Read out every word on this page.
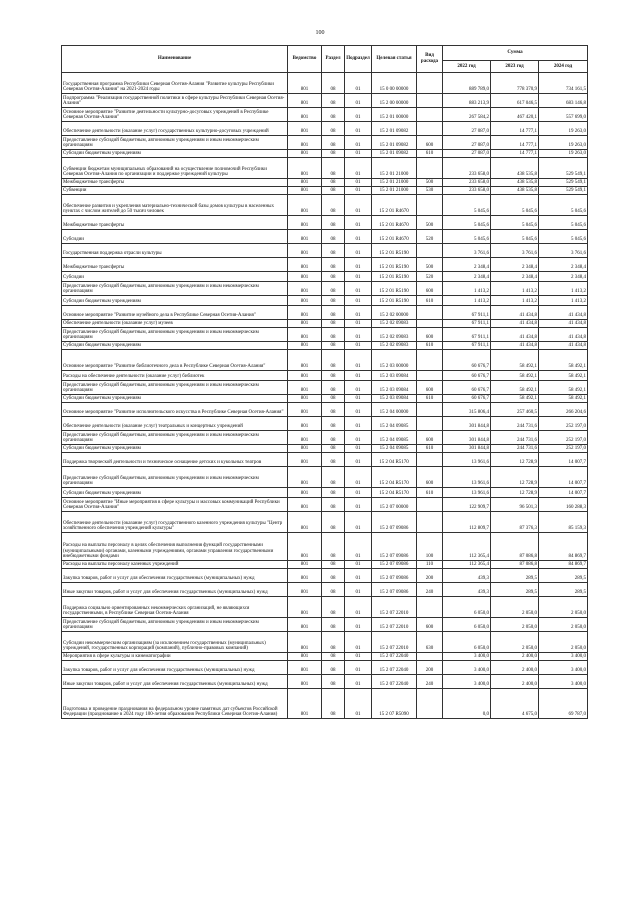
100
Наименование	Ведомство	Раздел	Подраздел	Целевая статья	Вид расхода	Сумма		
						2022 год	2023 год	2024 год
Государственная программа Республики Северная Осетия-Алания "Развитие культуры Республики Северная Осетия-Алания" на 2021-2024 годы	801	08	01	15 0 00 00000		889 789,0	778 370,9	734 161,5
Подпрограмма "Реализация государственной политики в сфере культуры Республики Северная Осетия-Алания"	801	08	01	15 2 00 00000		883 213,9	617 046,5	683 146,8
Основное мероприятие "Развитие деятельности культурно-досуговых учреждений в Республике Северная Осетия-Алания"	801	08	01	15 2 01 00000		267 584,2	467 420,1	557 699,0
Обеспечение деятельности (оказание услуг) государственных культурно-досуговых учреждений	801	08	01	15 2 01 09082		27 087,0	14 777,1	19 263,0
Предоставление субсидий бюджетным, автономным учреждениям и иным некоммерческим организациям	801	08	01	15 2 01 09082	600	27 087,0	14 777,1	19 263,0
Субсидии бюджетным учреждениям	801	08	01	15 2 01 09082	610	27 087,0	14 777,1	19 263,0
Субвенции бюджетам муниципальных образований на осуществление полномочий Республики Северная Осетия-Алания по организации и поддержке учреждений культуры	801	08	01	15 2 01 21000		233 658,0	438 535,8	529 549,1
Межбюджетные трансферты	801	08	01	15 2 01 21000	500	233 658,0	438 535,8	529 549,1
Субвенции	801	08	01	15 2 01 21000	530	233 658,0	438 535,8	529 549,1
Обеспечение развития и укрепления материально-технической базы домов культуры в населенных пунктах с числом жителей до 50 тысяч человек	801	08	01	15 2 01 R4670		5 045,6	5 045,6	5 045,6
Межбюджетные трансферты	801	08	01	15 2 01 R4670	500	5 045,6	5 045,6	5 045,6
Субсидии	801	08	01	15 2 01 R4670	520	5 045,6	5 045,6	5 045,6
Государственная поддержка отрасли культуры	801	08	01	15 2 01 R5190		3 761,6	3 761,6	3 761,6
Межбюджетные трансферты	801	08	01	15 2 01 R5190	500	2 348,4	2 348,4	2 348,4
Субсидии	801	08	01	15 2 01 R5190	520	2 348,4	2 348,4	2 348,4
Предоставление субсидий бюджетным, автономным учреждениям и иным некоммерческим организациям	801	08	01	15 2 01 R5190	600	1 413,2	1 413,2	1 413,2
Субсидии бюджетным учреждениям	801	08	01	15 2 01 R5190	610	1 413,2	1 413,2	1 413,2
Основное мероприятие "Развитие музейного дела в Республике Северная Осетия-Алания"	801	08	01	15 2 02 00000		67 911,1	41 434,8	41 434,8
Обеспечение деятельности (оказание услуг) музеев	801	08	01	15 2 02 09083		67 911,1	41 434,8	41 434,8
Предоставление субсидий бюджетным, автономным учреждениям и иным некоммерческим организациям	801	08	01	15 2 02 09083	600	67 911,1	41 434,8	41 434,8
Субсидии бюджетным учреждениям	801	08	01	15 2 02 09083	610	67 911,1	41 434,8	41 434,8
Основное мероприятие "Развитие библиотечного дела в Республике Северная Осетия-Алания"	801	08	01	15 2 03 00000		60 676,7	58 492,1	58 492,1
Расходы на обеспечение деятельности (оказание услуг) библиотек	801	08	01	15 2 03 09084		60 676,7	58 492,1	58 492,1
Предоставление субсидий бюджетным, автономным учреждениям и иным некоммерческим организациям	801	08	01	15 2 03 09084	600	60 676,7	58 492,1	58 492,1
Субсидии бюджетным учреждениям	801	08	01	15 2 03 09084	610	60 676,7	58 492,1	58 492,1
Основное мероприятие "Развитие исполнительского искусства в Республике Северная Осетия-Алания"	801	08	01	15 2 04 00000		315 806,4	257 460,5	266 204,6
Обеспечение деятельности (оказание услуг) театральных и концертных учреждений	801	08	01	15 2 04 09085		301 844,8	244 731,6	252 197,0
Предоставление субсидий бюджетным, автономным учреждениям и иным некоммерческим организациям	801	08	01	15 2 04 09085	600	301 844,8	244 731,6	252 197,0
Субсидии бюджетным учреждениям	801	08	01	15 2 04 09085	610	301 844,8	244 731,6	252 197,0
Поддержка творческой деятельности и техническое оснащение детских и кукольных театров	801	08	01	15 2 04 R5170		13 961,6	12 728,9	14 007,7
Предоставление субсидий бюджетным, автономным учреждениям и иным некоммерческим организациям	801	08	01	15 2 04 R5170	600	13 961,6	12 728,9	14 007,7
Субсидии бюджетным учреждениям	801	08	01	15 2 04 R5170	610	13 961,6	12 728,9	14 007,7
Основное мероприятие "Иные мероприятия в сфере культуры и массовых коммуникаций Республики Северная Осетия-Алания"	801	08	01	15 2 07 00000		122 909,7	96 501,3	160 288,3
Обеспечение деятельности (оказание услуг) государственного казенного учреждения культуры "Центр хозяйственного обеспечения учреждений культуры"	801	08	01	15 2 07 09086		112 809,7	87 376,3	85 159,3
Расходы на выплаты персоналу в целях обеспечения выполнения функций государственными (муниципальными) органами, казенными учреждениями, органами управления государственными внебюджетными фондами	801	08	01	15 2 07 09086	100	112 365,4	87 086,8	84 869,7
Расходы на выплаты персоналу казенных учреждений	801	08	01	15 2 07 09086	110	112 365,4	87 086,8	84 869,7
Закупка товаров, работ и услуг для обеспечения государственных (муниципальных) нужд	801	08	01	15 2 07 09086	200	439,3	289,5	289,5
Иные закупки товаров, работ и услуг для обеспечения государственных (муниципальных) нужд	801	08	01	15 2 07 09086	240	439,3	289,5	289,5
Поддержка социально ориентированных некоммерческих организаций, не являющихся государственными, в Республике Северная Осетия-Алания	801	08	01	15 2 07 22010		6 050,0	2 050,0	2 050,0
Предоставление субсидий бюджетным, автономным учреждениям и иным некоммерческим организациям	801	08	01	15 2 07 22010	600	6 050,0	2 050,0	2 050,0
Субсидии некоммерческим организациям (за исключением государственных (муниципальных) учреждений, государственных корпораций (компаний), публично-правовых компаний)	801	08	01	15 2 07 22010	630	6 050,0	2 050,0	2 050,0
Мероприятия в сфере культуры и кинематографии	801	08	01	15 2 07 22040		3 400,0	2 400,0	3 400,0
Закупка товаров, работ и услуг для обеспечения государственных (муниципальных) нужд	801	08	01	15 2 07 22040	200	3 400,0	2 400,0	3 400,0
Иные закупки товаров, работ и услуг для обеспечения государственных (муниципальных) нужд	801	08	01	15 2 07 22040	240	3 400,0	2 400,0	3 400,0
Подготовка и проведение празднования на федеральном уровне памятных дат субъектов Российской Федерации (празднование в 2024 году 100-летия образования Республики Северная Осетия-Алания)	801	08	01	15 2 07 R5090		0,0	4 675,0	69 787,0
